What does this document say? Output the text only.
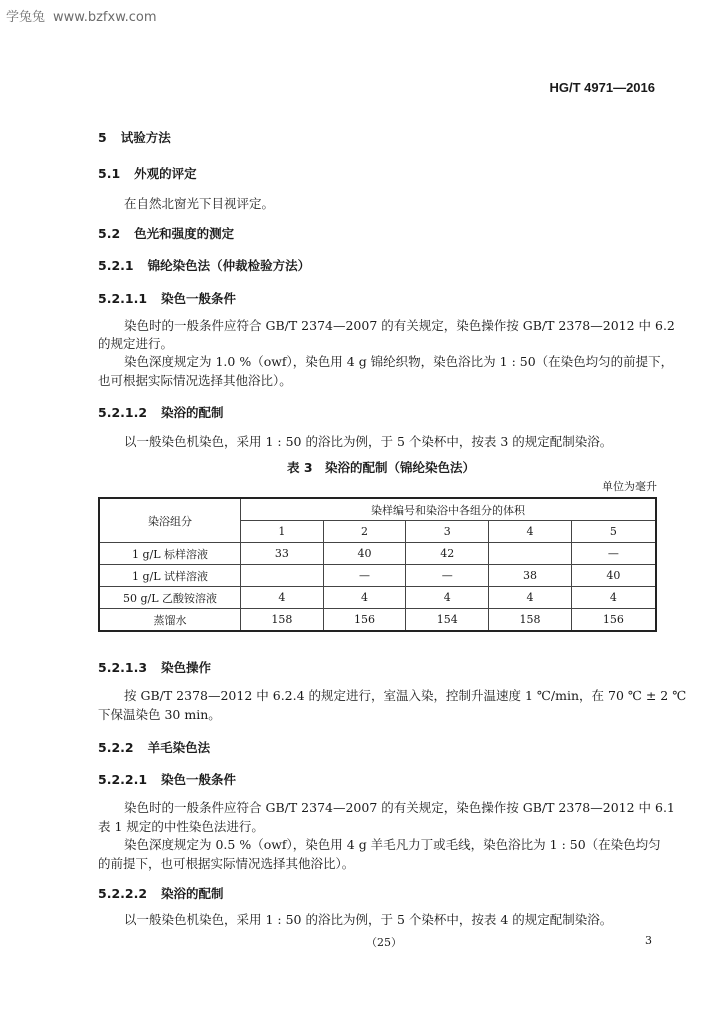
学兔兔 www.bzfxw.com
HG/T 4971—2016
5 试验方法
5.1 外观的评定
在自然北窗光下目视评定。
5.2 色光和强度的测定
5.2.1 锦纶染色法（仲裁检验方法）
5.2.1.1 染色一般条件
染色时的一般条件应符合 GB/T 2374—2007 的有关规定，染色操作按 GB/T 2378—2012 中 6.2
的规定进行。
染色深度规定为 1.0 %（owf），染色用 4 g 锦纶织物，染色浴比为 1 : 50（在染色均匀的前提下，
也可根据实际情况选择其他浴比）。
5.2.1.2 染浴的配制
以一般染色机染色，采用 1 : 50 的浴比为例，于 5 个染杯中，按表 3 的规定配制染浴。
表 3　染浴的配制（锦纶染色法）
单位为毫升
染浴组分	染样编号和染浴中各组分的体积				
	1	2	3	4	5
1 g/L 标样溶液	33	40	42		—
1 g/L 试样溶液		—	—	38	40
50 g/L 乙酸铵溶液	4	4	4	4	4
蒸馏水	158	156	154	158	156
5.2.1.3 染色操作
按 GB/T 2378—2012 中 6.2.4 的规定进行，室温入染，控制升温速度 1 ℃/min，在 70 ℃ ± 2 ℃
下保温染色 30 min。
5.2.2 羊毛染色法
5.2.2.1 染色一般条件
染色时的一般条件应符合 GB/T 2374—2007 的有关规定，染色操作按 GB/T 2378—2012 中 6.1
表 1 规定的中性染色法进行。
染色深度规定为 0.5 %（owf），染色用 4 g 羊毛凡力丁或毛线，染色浴比为 1 : 50（在染色均匀
的前提下，也可根据实际情况选择其他浴比）。
5.2.2.2 染浴的配制
以一般染色机染色，采用 1 : 50 的浴比为例，于 5 个染杯中，按表 4 的规定配制染浴。
（25）	3
